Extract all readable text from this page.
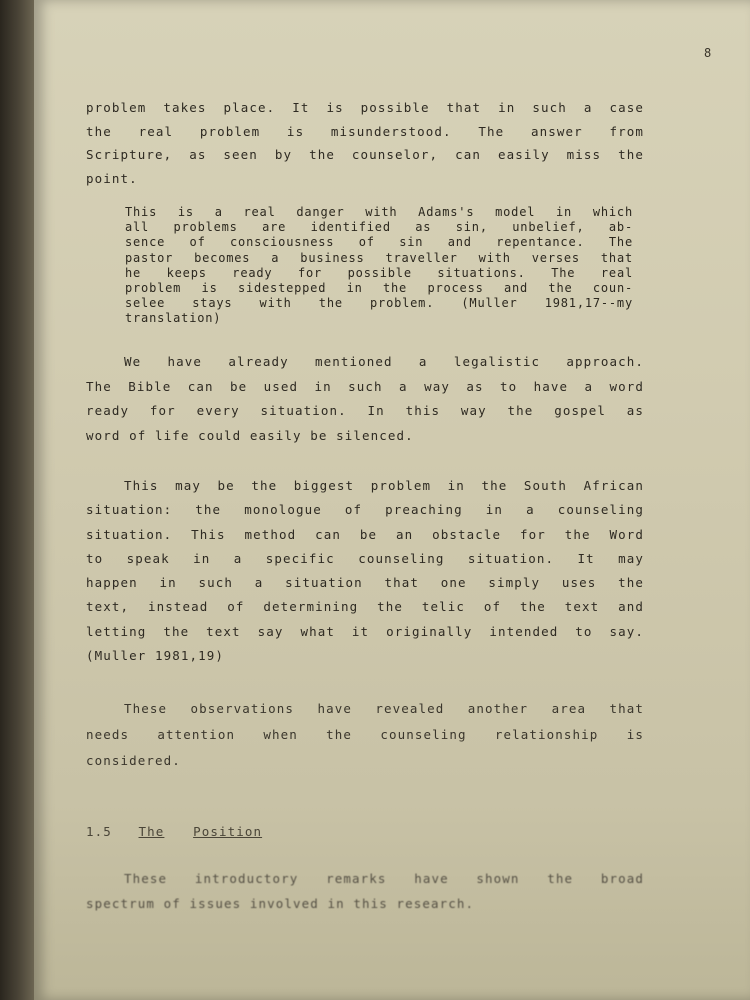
8

problem takes place. It is possible that in such a case
the real problem is misunderstood. The answer from
Scripture, as seen by the counselor, can easily miss the
point.

This is a real danger with Adams's model in which
all problems are identified as sin, unbelief, ab-
sence of consciousness of sin and repentance. The
pastor becomes a business traveller with verses that
he keeps ready for possible situations. The real
problem is sidestepped in the process and the coun-
selee stays with the problem. (Muller 1981,17--my
translation)

We have already mentioned a legalistic approach.
The Bible can be used in such a way as to have a word
ready for every situation. In this way the gospel as
word of life could easily be silenced.

This may be the biggest problem in the South African
situation: the monologue of preaching in a counseling
situation. This method can be an obstacle for the Word
to speak in a specific counseling situation. It may
happen in such a situation that one simply uses the
text, instead of determining the telic of the text and
letting the text say what it originally intended to say.
(Muller 1981,19)

These observations have revealed another area that
needs attention when the counseling relationship is
considered.

1.5 The Position

These introductory remarks have shown the broad
spectrum of issues involved in this research.
